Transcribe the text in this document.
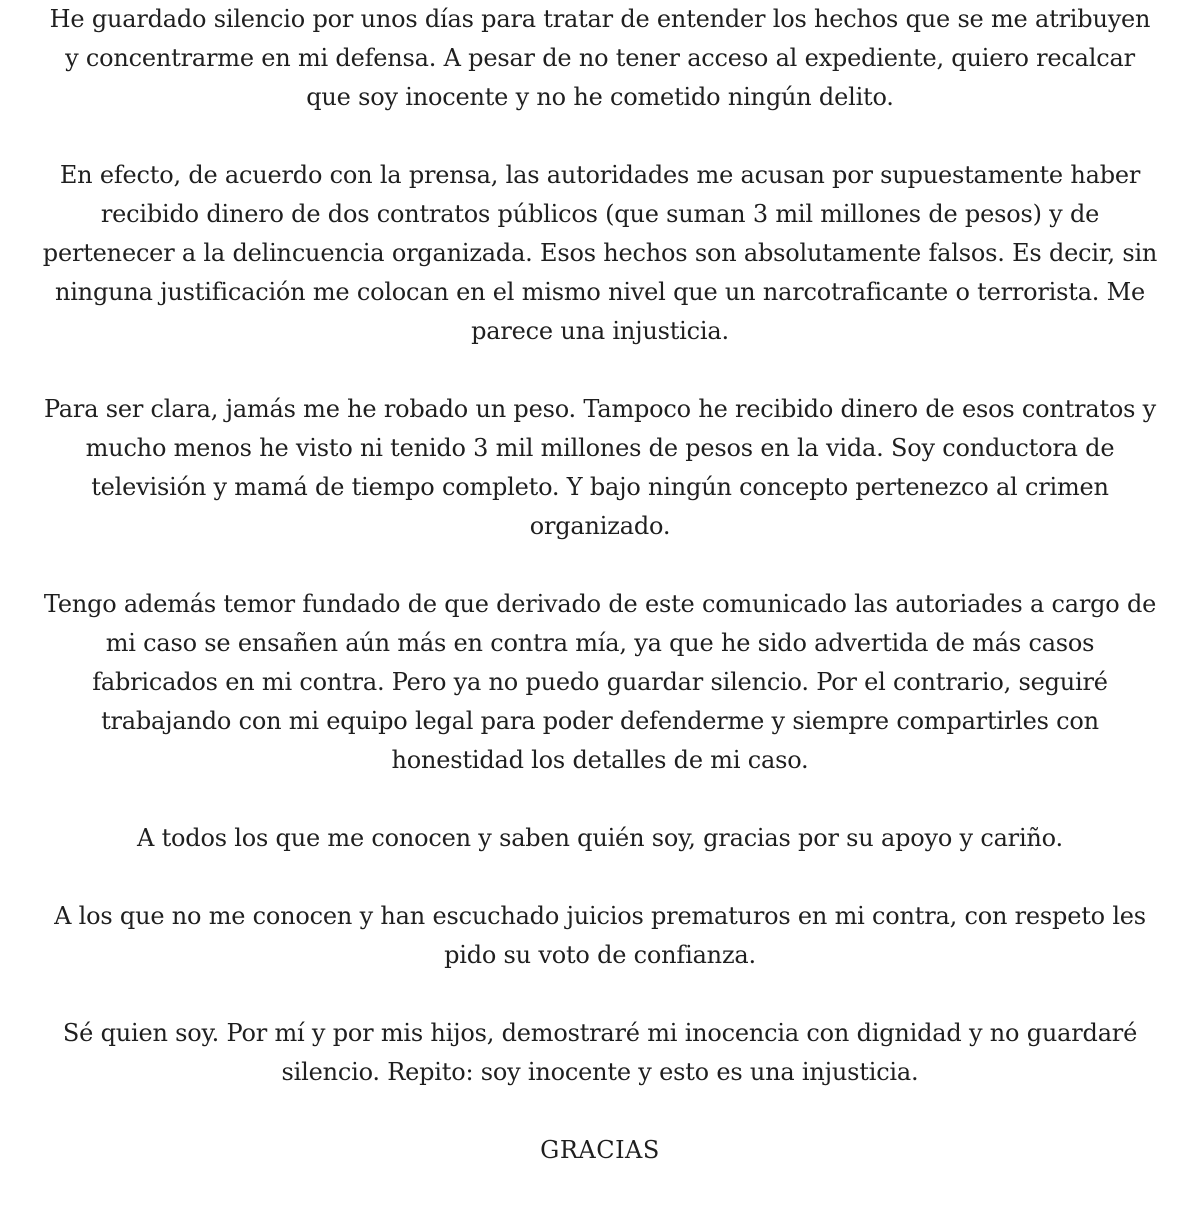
He guardado silencio por unos días para tratar de entender los hechos que se me atribuyen y concentrarme en mi defensa. A pesar de no tener acceso al expediente, quiero recalcar que soy inocente y no he cometido ningún delito.

En efecto, de acuerdo con la prensa, las autoridades me acusan por supuestamente haber recibido dinero de dos contratos públicos (que suman 3 mil millones de pesos) y de pertenecer a la delincuencia organizada. Esos hechos son absolutamente falsos. Es decir, sin ninguna justificación me colocan en el mismo nivel que un narcotraficante o terrorista. Me parece una injusticia.

Para ser clara, jamás me he robado un peso. Tampoco he recibido dinero de esos contratos y mucho menos he visto ni tenido 3 mil millones de pesos en la vida. Soy conductora de televisión y mamá de tiempo completo. Y bajo ningún concepto pertenezco al crimen organizado.

Tengo además temor fundado de que derivado de este comunicado las autoriades a cargo de mi caso se ensañen aún más en contra mía, ya que he sido advertida de más casos fabricados en mi contra. Pero ya no puedo guardar silencio. Por el contrario, seguiré trabajando con mi equipo legal para poder defenderme y siempre compartirles con honestidad los detalles de mi caso.

A todos los que me conocen y saben quién soy, gracias por su apoyo y cariño.

A los que no me conocen y han escuchado juicios prematuros en mi contra, con respeto les pido su voto de confianza.

Sé quien soy. Por mí y por mis hijos, demostraré mi inocencia con dignidad y no guardaré silencio. Repito: soy inocente y esto es una injusticia.

GRACIAS
